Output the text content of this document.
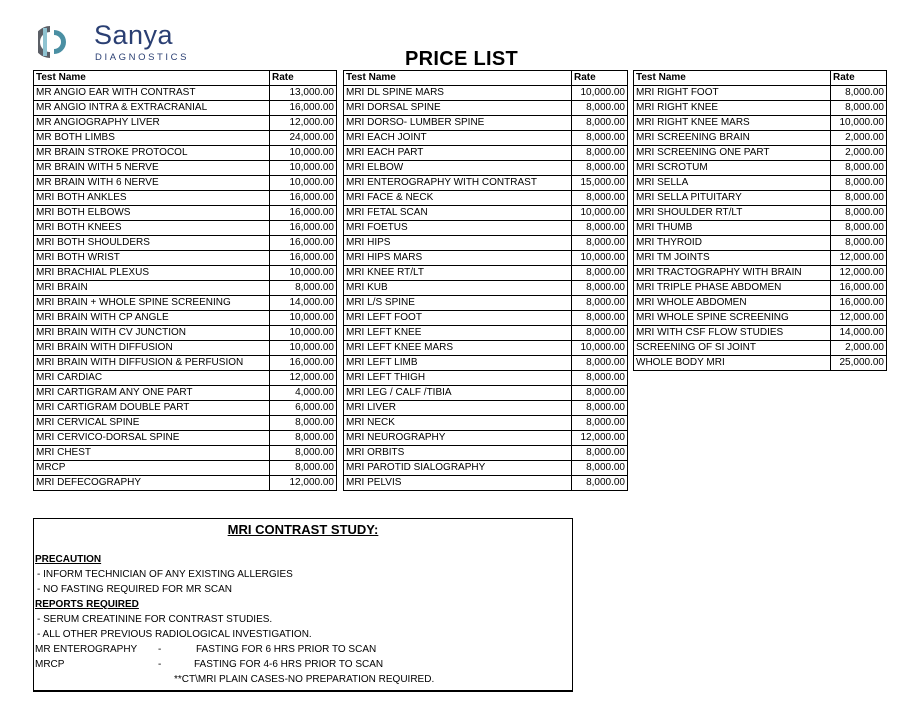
Sanya
DIAGNOSTICS	PRICE LIST
Test Name	Rate
MR ANGIO EAR WITH CONTRAST	13,000.00
MR ANGIO INTRA & EXTRACRANIAL	16,000.00
MR ANGIOGRAPHY LIVER	12,000.00
MR BOTH LIMBS	24,000.00
MR BRAIN STROKE PROTOCOL	10,000.00
MR BRAIN WITH 5 NERVE	10,000.00
MR BRAIN WITH 6 NERVE	10,000.00
MRI BOTH ANKLES	16,000.00
MRI BOTH ELBOWS	16,000.00
MRI BOTH KNEES	16,000.00
MRI BOTH SHOULDERS	16,000.00
MRI BOTH WRIST	16,000.00
MRI BRACHIAL PLEXUS	10,000.00
MRI BRAIN	8,000.00
MRI BRAIN + WHOLE SPINE SCREENING	14,000.00
MRI BRAIN WITH CP ANGLE	10,000.00
MRI BRAIN WITH CV JUNCTION	10,000.00
MRI BRAIN WITH DIFFUSION	10,000.00
MRI BRAIN WITH DIFFUSION & PERFUSION	16,000.00
MRI CARDIAC	12,000.00
MRI CARTIGRAM ANY ONE PART	4,000.00
MRI CARTIGRAM DOUBLE PART	6,000.00
MRI CERVICAL SPINE	8,000.00
MRI CERVICO-DORSAL SPINE	8,000.00
MRI CHEST	8,000.00
MRCP	8,000.00
MRI DEFECOGRAPHY	12,000.00
Test Name	Rate
MRI DL SPINE MARS	10,000.00
MRI DORSAL SPINE	8,000.00
MRI DORSO- LUMBER SPINE	8,000.00
MRI EACH JOINT	8,000.00
MRI EACH PART	8,000.00
MRI ELBOW	8,000.00
MRI ENTEROGRAPHY WITH CONTRAST	15,000.00
MRI FACE & NECK	8,000.00
MRI FETAL SCAN	10,000.00
MRI FOETUS	8,000.00
MRI HIPS	8,000.00
MRI HIPS MARS	10,000.00
MRI KNEE RT/LT	8,000.00
MRI KUB	8,000.00
MRI L/S SPINE	8,000.00
MRI LEFT FOOT	8,000.00
MRI LEFT KNEE	8,000.00
MRI LEFT KNEE MARS	10,000.00
MRI LEFT LIMB	8,000.00
MRI LEFT THIGH	8,000.00
MRI LEG / CALF /TIBIA	8,000.00
MRI LIVER	8,000.00
MRI NECK	8,000.00
MRI NEUROGRAPHY	12,000.00
MRI ORBITS	8,000.00
MRI PAROTID SIALOGRAPHY	8,000.00
MRI PELVIS	8,000.00
Test Name	Rate
MRI RIGHT FOOT	8,000.00
MRI RIGHT KNEE	8,000.00
MRI RIGHT KNEE MARS	10,000.00
MRI SCREENING BRAIN	2,000.00
MRI SCREENING ONE PART	2,000.00
MRI SCROTUM	8,000.00
MRI SELLA	8,000.00
MRI SELLA PITUITARY	8,000.00
MRI SHOULDER RT/LT	8,000.00
MRI THUMB	8,000.00
MRI THYROID	8,000.00
MRI TM JOINTS	12,000.00
MRI TRACTOGRAPHY WITH BRAIN	12,000.00
MRI TRIPLE PHASE ABDOMEN	16,000.00
MRI WHOLE ABDOMEN	16,000.00
MRI WHOLE SPINE SCREENING	12,000.00
MRI WITH CSF FLOW STUDIES	14,000.00
SCREENING OF SI JOINT	2,000.00
WHOLE BODY MRI	25,000.00
MRI CONTRAST STUDY:
PRECAUTION
- INFORM TECHNICIAN OF ANY EXISTING ALLERGIES
- NO FASTING REQUIRED FOR MR SCAN
REPORTS REQUIRED
- SERUM CREATININE FOR CONTRAST STUDIES.
- ALL OTHER PREVIOUS RADIOLOGICAL INVESTIGATION.
MR ENTEROGRAPHY -	FASTING FOR 6 HRS PRIOR TO SCAN
MRCP	-	FASTING FOR 4-6 HRS PRIOR TO SCAN
**CT\MRI PLAIN CASES-NO PREPARATION REQUIRED.
